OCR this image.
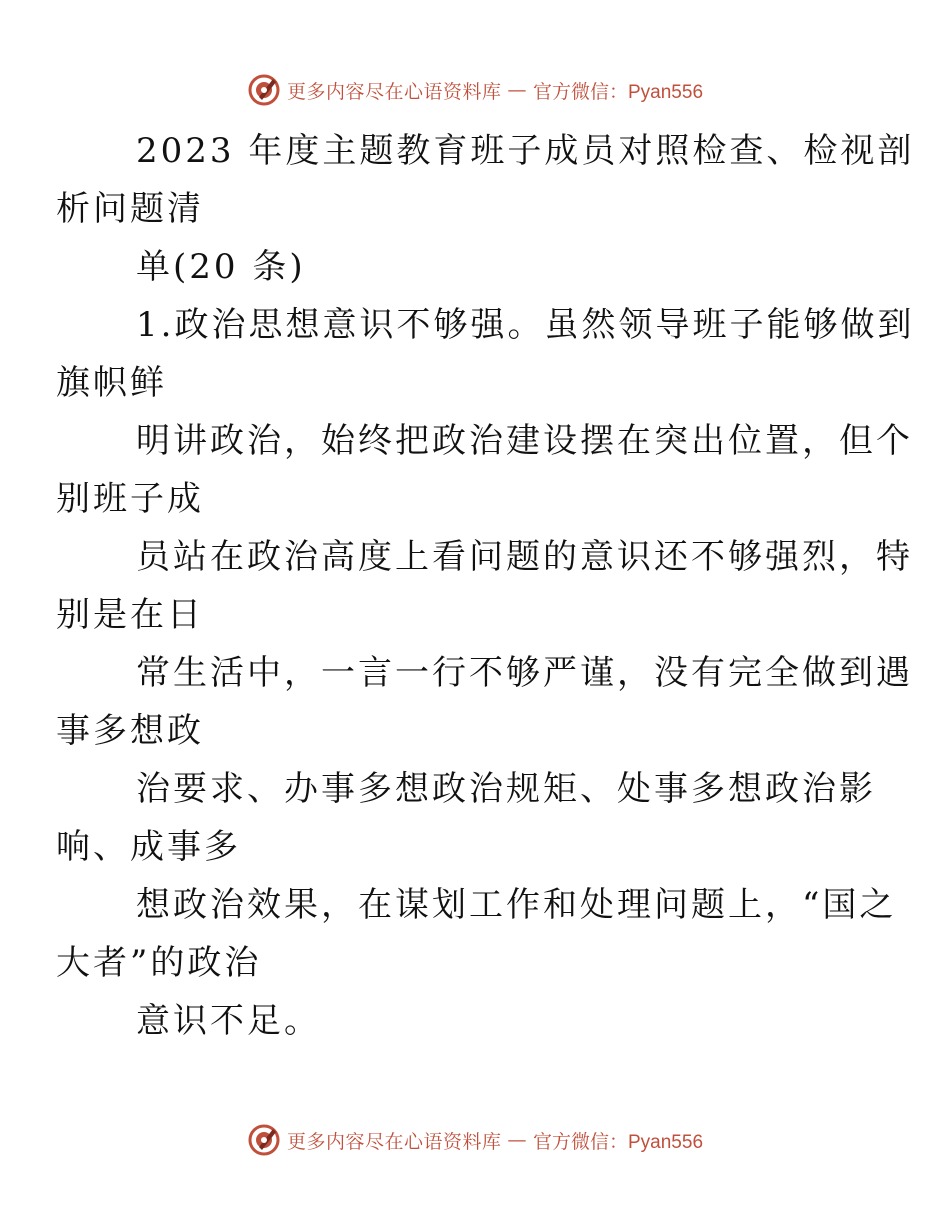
更多内容尽在心语资料库 — 官方微信：Pyan556

2023 年度主题教育班子成员对照检查、检视剖
析问题清

单(20 条)

1.政治思想意识不够强。虽然领导班子能够做到
旗帜鲜

明讲政治，始终把政治建设摆在突出位置，但个
别班子成

员站在政治高度上看问题的意识还不够强烈，特
别是在日

常生活中，一言一行不够严谨，没有完全做到遇
事多想政

治要求、办事多想政治规矩、处事多想政治影
响、成事多

想政治效果，在谋划工作和处理问题上，“国之
大者”的政治

意识不足。

更多内容尽在心语资料库 — 官方微信：Pyan556
